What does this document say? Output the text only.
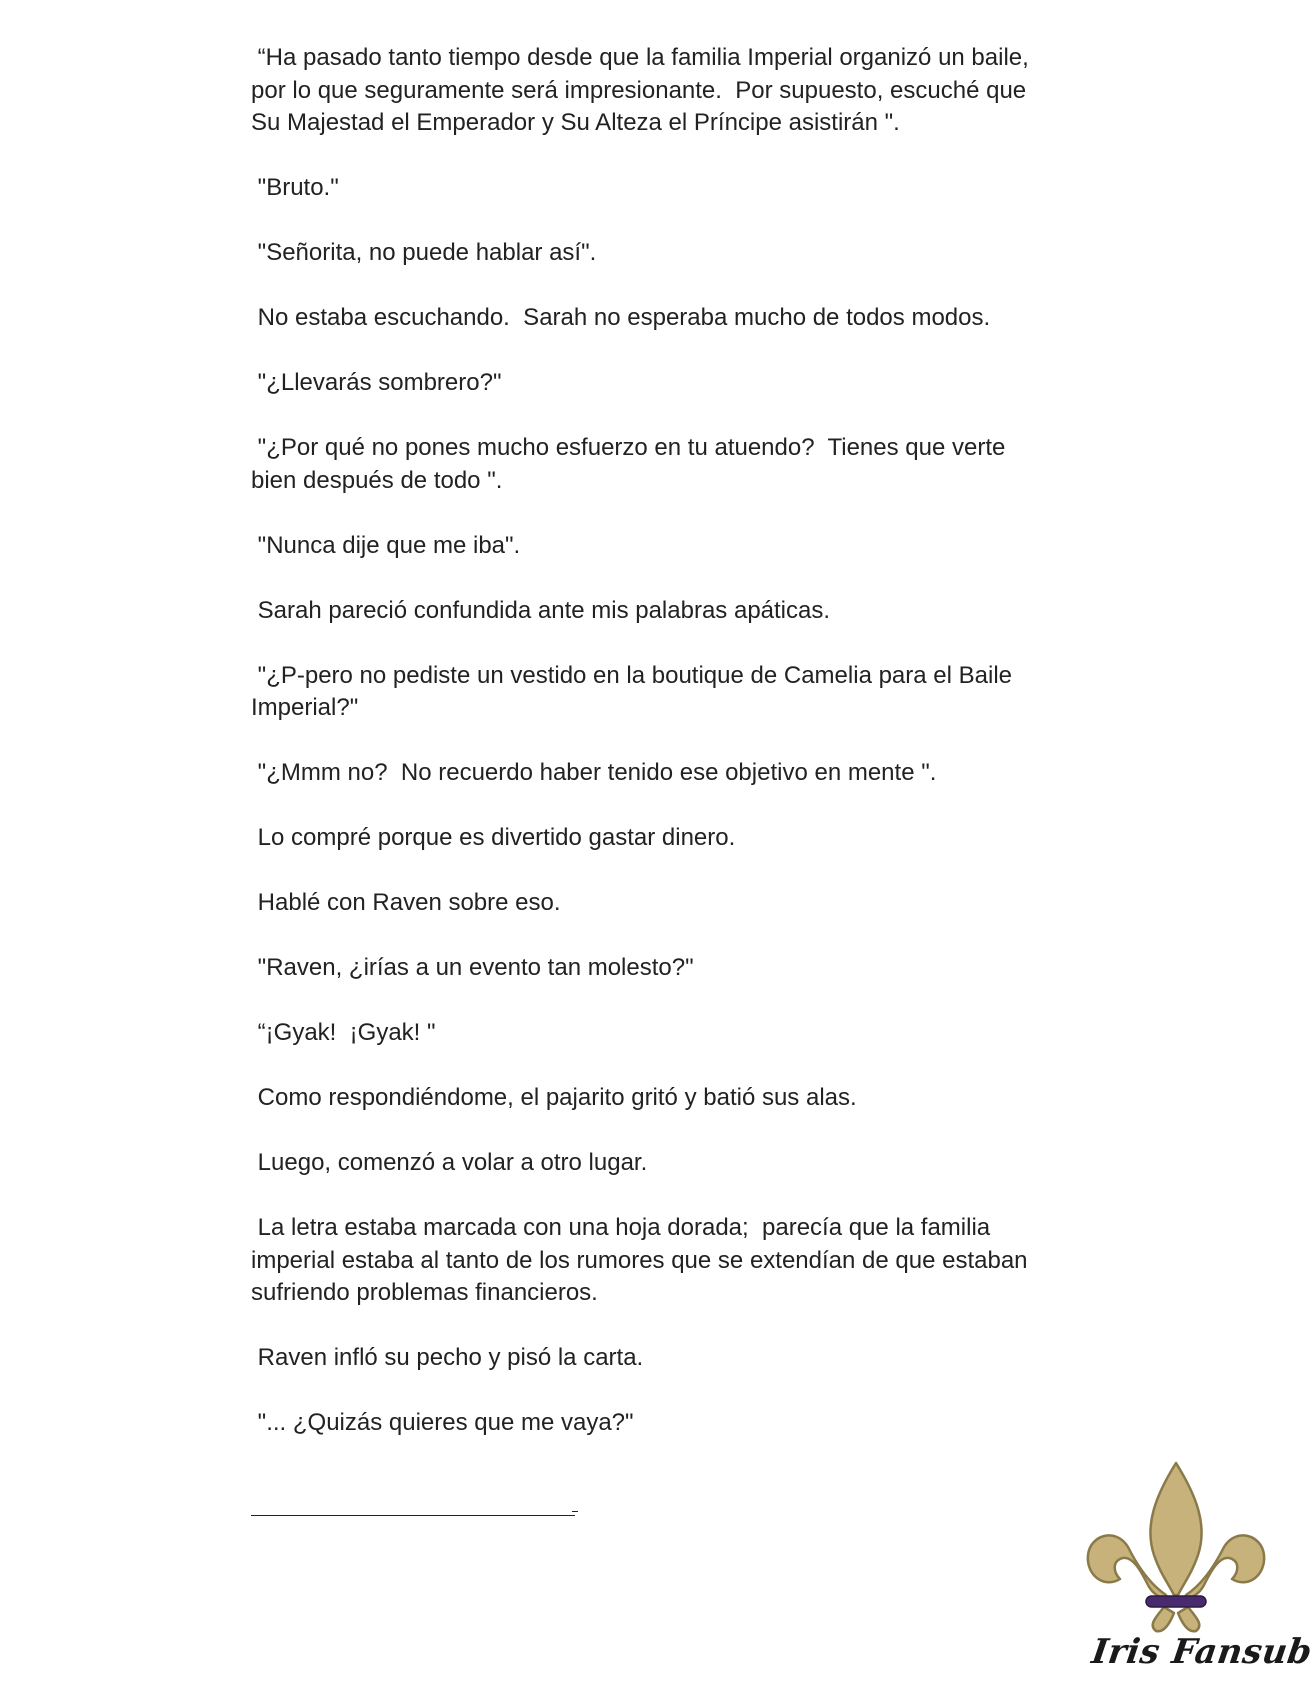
“Ha pasado tanto tiempo desde que la familia Imperial organizó un baile, por lo que seguramente será impresionante.  Por supuesto, escuché que Su Majestad el Emperador y Su Alteza el Príncipe asistirán ".

"Bruto."

"Señorita, no puede hablar así".

No estaba escuchando.  Sarah no esperaba mucho de todos modos.

"¿Llevarás sombrero?"

"¿Por qué no pones mucho esfuerzo en tu atuendo?  Tienes que verte bien después de todo ".

"Nunca dije que me iba".

Sarah pareció confundida ante mis palabras apáticas.

"¿P-pero no pediste un vestido en la boutique de Camelia para el Baile Imperial?"

"¿Mmm no?  No recuerdo haber tenido ese objetivo en mente ".

Lo compré porque es divertido gastar dinero.

Hablé con Raven sobre eso.

"Raven, ¿irías a un evento tan molesto?"

“¡Gyak!  ¡Gyak! "

Como respondiéndome, el pajarito gritó y batió sus alas.

Luego, comenzó a volar a otro lugar.

La letra estaba marcada con una hoja dorada;  parecía que la familia imperial estaba al tanto de los rumores que se extendían de que estaban sufriendo problemas financieros.

Raven infló su pecho y pisó la carta.

"... ¿Quizás quieres que me vaya?"

Iris Fansub
